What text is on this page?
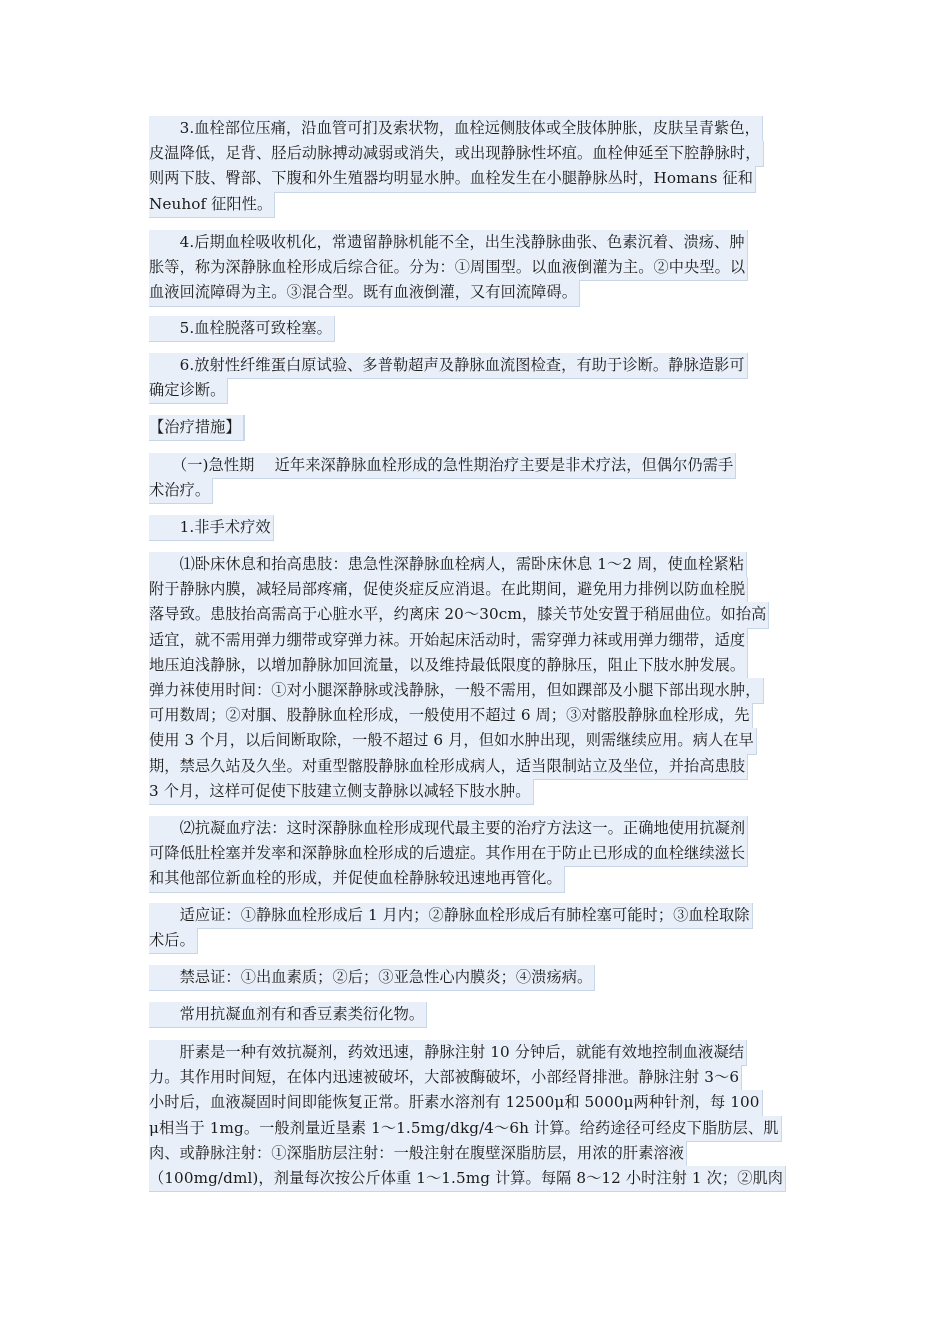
　　3.血栓部位压痛，沿血管可扪及索状物，血栓远侧肢体或全肢体肿胀，皮肤呈青紫色，
皮温降低，足背、胫后动脉搏动减弱或消失，或出现静脉性坏疽。血栓伸延至下腔静脉时，
则两下肢、臀部、下腹和外生殖器均明显水肿。血栓发生在小腿静脉丛时，Homans 征和
Neuhof 征阳性。
　　4.后期血栓吸收机化，常遗留静脉机能不全，出生浅静脉曲张、色素沉着、溃疡、肿
胀等，称为深静脉血栓形成后综合征。分为：①周围型。以血液倒灌为主。②中央型。以
血液回流障碍为主。③混合型。既有血液倒灌，又有回流障碍。
　　5.血栓脱落可致栓塞。
　　6.放射性纤维蛋白原试验、多普勒超声及静脉血流图检查，有助于诊断。静脉造影可
确定诊断。
【治疗措施】
　　（一)急性期　 近年来深静脉血栓形成的急性期治疗主要是非术疗法，但偶尔仍需手
术治疗。
　　1.非手术疗效
　　⑴卧床休息和抬高患肢：患急性深静脉血栓病人，需卧床休息 1～2 周，使血栓紧粘
附于静脉内膜，减轻局部疼痛，促使炎症反应消退。在此期间，避免用力排例以防血栓脱
落导致。患肢抬高需高于心脏水平，约离床 20～30cm，膝关节处安置于稍屈曲位。如抬高
适宜，就不需用弹力绷带或穿弹力袜。开始起床活动时，需穿弹力袜或用弹力绷带，适度
地压迫浅静脉，以增加静脉加回流量，以及维持最低限度的静脉压，阻止下肢水肿发展。
弹力袜使用时间：①对小腿深静脉或浅静脉，一般不需用，但如踝部及小腿下部出现水肿，
可用数周；②对腘、股静脉血栓形成，一般使用不超过 6 周；③对髂股静脉血栓形成，先
使用 3 个月，以后间断取除，一般不超过 6 月，但如水肿出现，则需继续应用。病人在早
期，禁忌久站及久坐。对重型髂股静脉血栓形成病人，适当限制站立及坐位，并抬高患肢
3 个月，这样可促使下肢建立侧支静脉以减轻下肢水肿。
　　⑵抗凝血疗法：这时深静脉血栓形成现代最主要的治疗方法这一。正确地使用抗凝剂
可降低肚栓塞并发率和深静脉血栓形成的后遗症。其作用在于防止已形成的血栓继续滋长
和其他部位新血栓的形成，并促使血栓静脉较迅速地再管化。
　　适应证：①静脉血栓形成后 1 月内；②静脉血栓形成后有肺栓塞可能时；③血栓取除
术后。
　　禁忌证：①出血素质；②后；③亚急性心内膜炎；④溃疡病。
　　常用抗凝血剂有和香豆素类衍化物。
　　肝素是一种有效抗凝剂，药效迅速，静脉注射 10 分钟后，就能有效地控制血液凝结
力。其作用时间短，在体内迅速被破坏，大部被酶破坏，小部经肾排泄。静脉注射 3～6
小时后，血液凝固时间即能恢复正常。肝素水溶剂有 12500μ和 5000μ两种针剂，每 100
μ相当于 1mg。一般剂量近垦素 1～1.5mg/dkg/4～6h 计算。给药途径可经皮下脂肪层、肌
肉、或静脉注射：①深脂肪层注射：一般注射在腹壁深脂肪层，用浓的肝素溶液
（100mg/dml)，剂量每次按公斤体重 1～1.5mg 计算。每隔 8～12 小时注射 1 次；②肌肉
